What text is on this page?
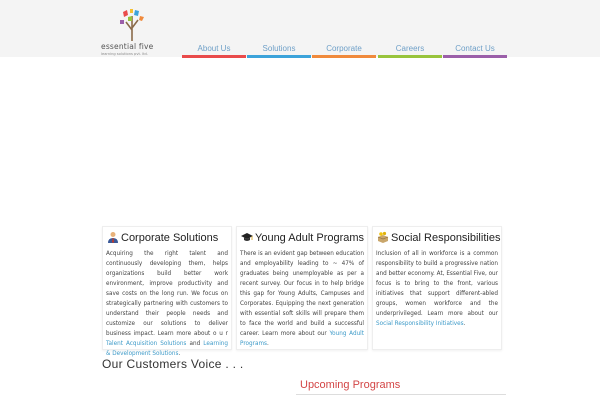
essential five
learning solutions pvt. ltd.
About Us	Solutions	Corporate	Careers	Contact Us
Corporate Solutions

Acquiring the right talent and continuously developing them, helps organizations build better work environment, improve productivity and save costs on the long run. We focus on strategically partnering with customers to understand their people needs and customize our solutions to deliver business impact. Learn more about o u r Talent Acquisition Solutions and Learning & Development Solutions.

Young Adult Programs

There is an evident gap between education and employability leading to ~ 47% of graduates being unemployable as per a recent survey. Our focus in to help bridge this gap for Young Adults, Campuses and Corporates. Equipping the next generation with essential soft skills will prepare them to face the world and build a successful career. Learn more about our Young Adult Programs.

Social Responsibilities

Inclusion of all in workforce is a common responsibility to build a progressive nation and better economy. At, Essential Five, our focus is to bring to the front, various initiatives that support different-abled groups, women workforce and the underprivileged. Learn more about our Social Responsibility Initiatives.

Our Customers Voice . . .
Upcoming Programs
